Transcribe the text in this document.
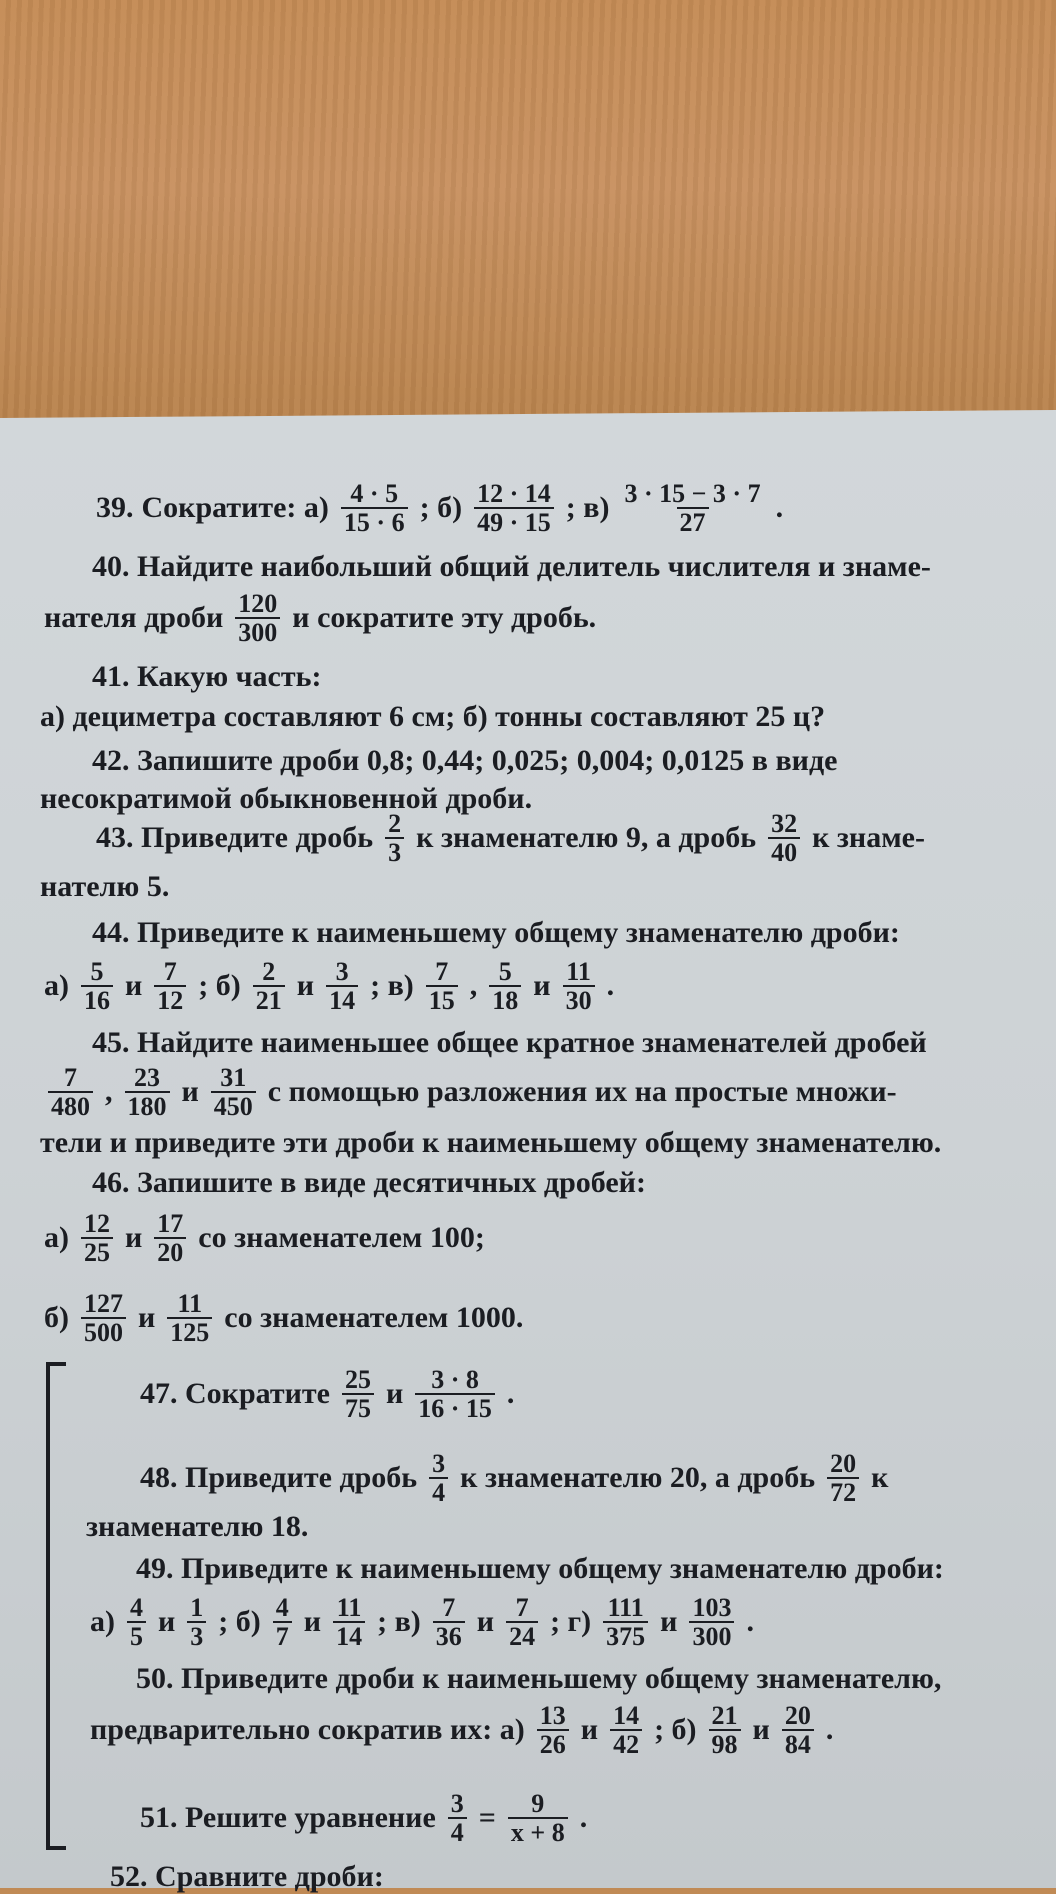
39. Сократите: $а) \frac{4 \cdot 5}{15 \cdot 6}$ ; $б) \frac{12 \cdot 14}{49 \cdot 15}$ ; $в) \frac{3 \cdot 15 - 3 \cdot 7}{27}$ .
40. Найдите наибольший общий делитель числителя и знаме-
нателя дроби $\frac{120}{300}$ и сократите эту дробь.
41. Какую часть:
а) дециметра составляют 6 см; б) тонны составляют 25 ц?
42. Запишите дроби 0,8; 0,44; 0,025; 0,004; 0,0125 в виде
несократимой обыкновенной дроби.
43. Приведите дробь $\frac{2}{3}$ к знаменателю 9, а дробь $\frac{32}{40}$ к знаме-
нателю 5.
44. Приведите к наименьшему общему знаменателю дроби:
$а) \frac{5}{16}$ и $\frac{7}{12}$ ; $б) \frac{2}{21}$ и $\frac{3}{14}$ ; $в) \frac{7}{15}$ , $\frac{5}{18}$ и $\frac{11}{30}$ .
45. Найдите наименьшее общее кратное знаменателей дробей
$\frac{7}{480}$ , $\frac{23}{180}$ и $\frac{31}{450}$ с помощью разложения их на простые множи-
тели и приведите эти дроби к наименьшему общему знаменателю.
46. Запишите в виде десятичных дробей:
$а) \frac{12}{25}$ и $\frac{17}{20}$ со знаменателем 100;
$б) \frac{127}{500}$ и $\frac{11}{125}$ со знаменателем 1000.
47. Сократите $\frac{25}{75}$ и $\frac{3 \cdot 8}{16 \cdot 15}$ .
48. Приведите дробь $\frac{3}{4}$ к знаменателю 20, а дробь $\frac{20}{72}$ к
знаменателю 18.
49. Приведите к наименьшему общему знаменателю дроби:
$а) \frac{4}{5}$ и $\frac{1}{3}$ ; $б) \frac{4}{7}$ и $\frac{11}{14}$ ; $в) \frac{7}{36}$ и $\frac{7}{24}$ ; $г) \frac{111}{375}$ и $\frac{103}{300}$ .
50. Приведите дроби к наименьшему общему знаменателю,
предварительно сократив их: $а) \frac{13}{26}$ и $\frac{14}{42}$ ; $б) \frac{21}{98}$ и $\frac{20}{84}$ .
51. Решите уравнение $\frac{3}{4} = \frac{9}{x + 8}$ .
52. Сравните дроби:
